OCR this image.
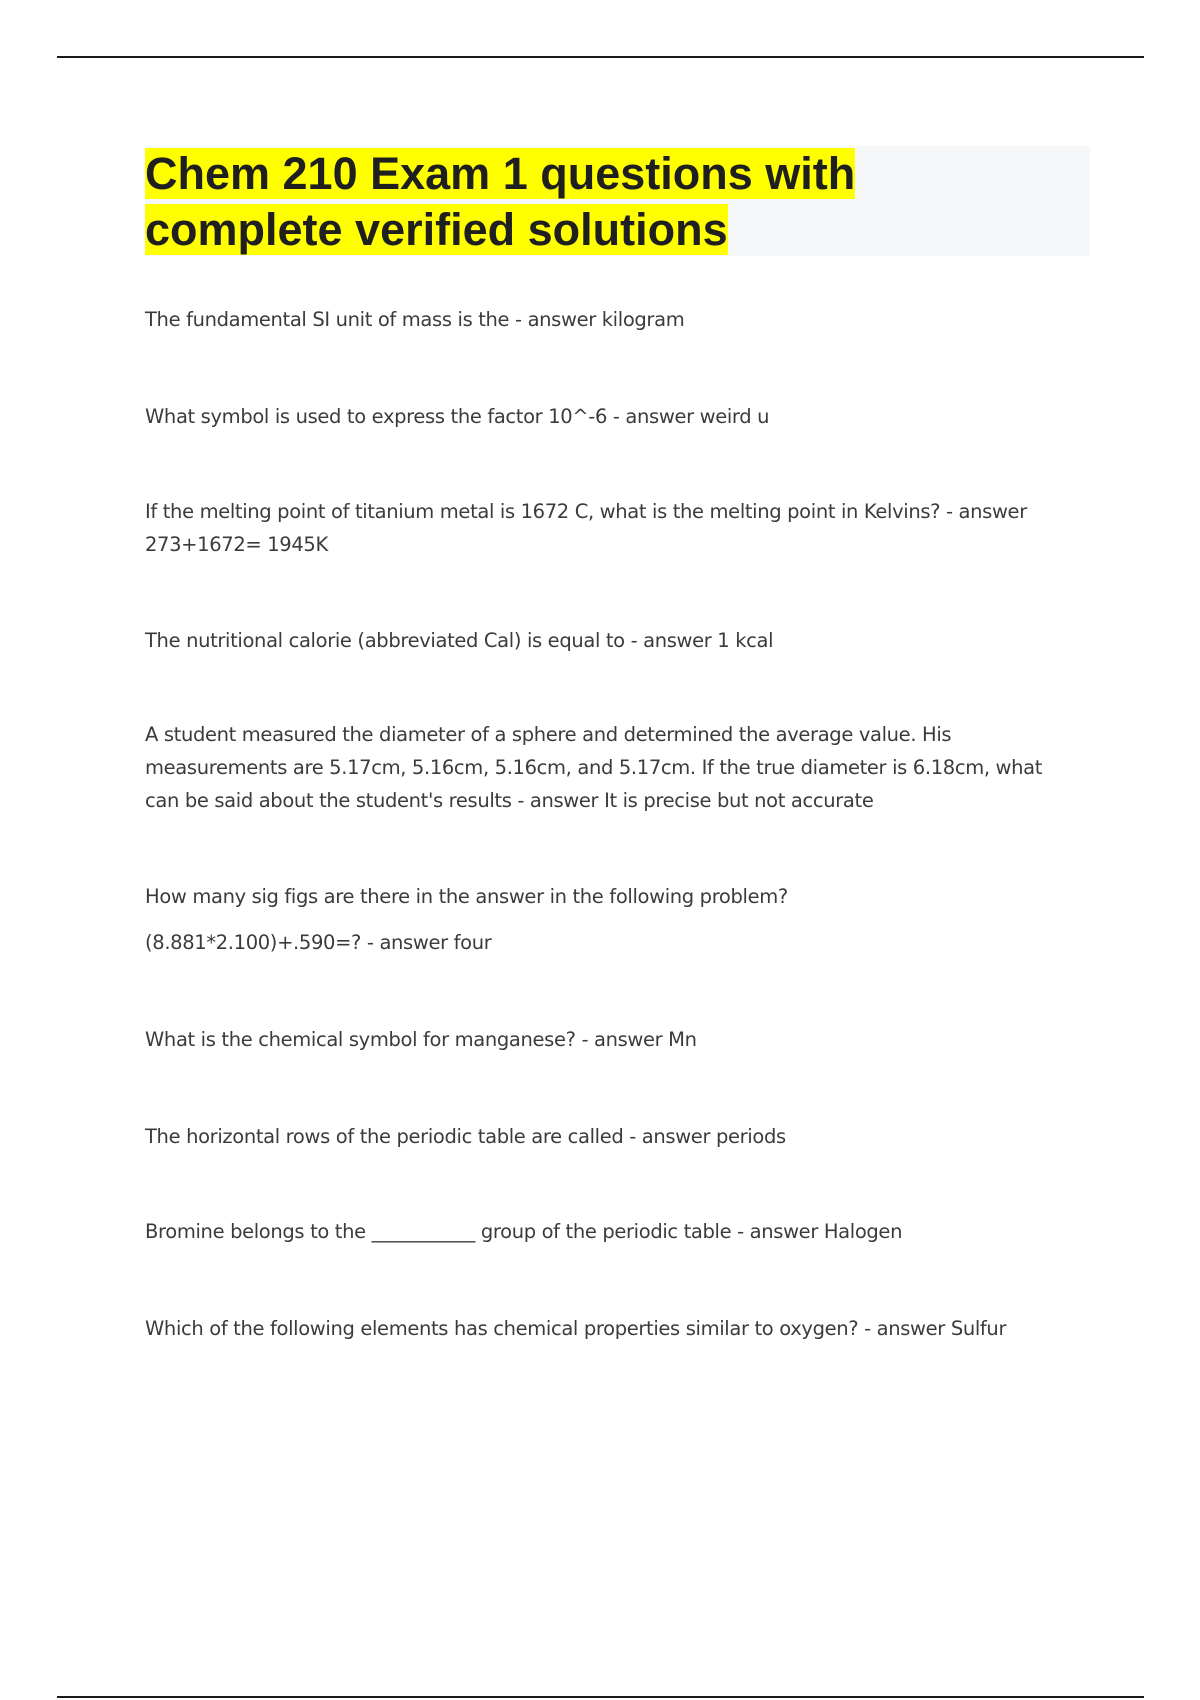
Chem 210 Exam 1 questions with
complete verified solutions

The fundamental SI unit of mass is the - answer kilogram

What symbol is used to express the factor 10^-6 - answer weird u

If the melting point of titanium metal is 1672 C, what is the melting point in Kelvins? - answer 273+1672= 1945K

The nutritional calorie (abbreviated Cal) is equal to - answer 1 kcal

A student measured the diameter of a sphere and determined the average value. His measurements are 5.17cm, 5.16cm, 5.16cm, and 5.17cm. If the true diameter is 6.18cm, what can be said about the student's results - answer It is precise but not accurate

How many sig figs are there in the answer in the following problem?

(8.881*2.100)+.590=? - answer four

What is the chemical symbol for manganese? - answer Mn

The horizontal rows of the periodic table are called - answer periods

Bromine belongs to the ___________ group of the periodic table - answer Halogen

Which of the following elements has chemical properties similar to oxygen? - answer Sulfur
